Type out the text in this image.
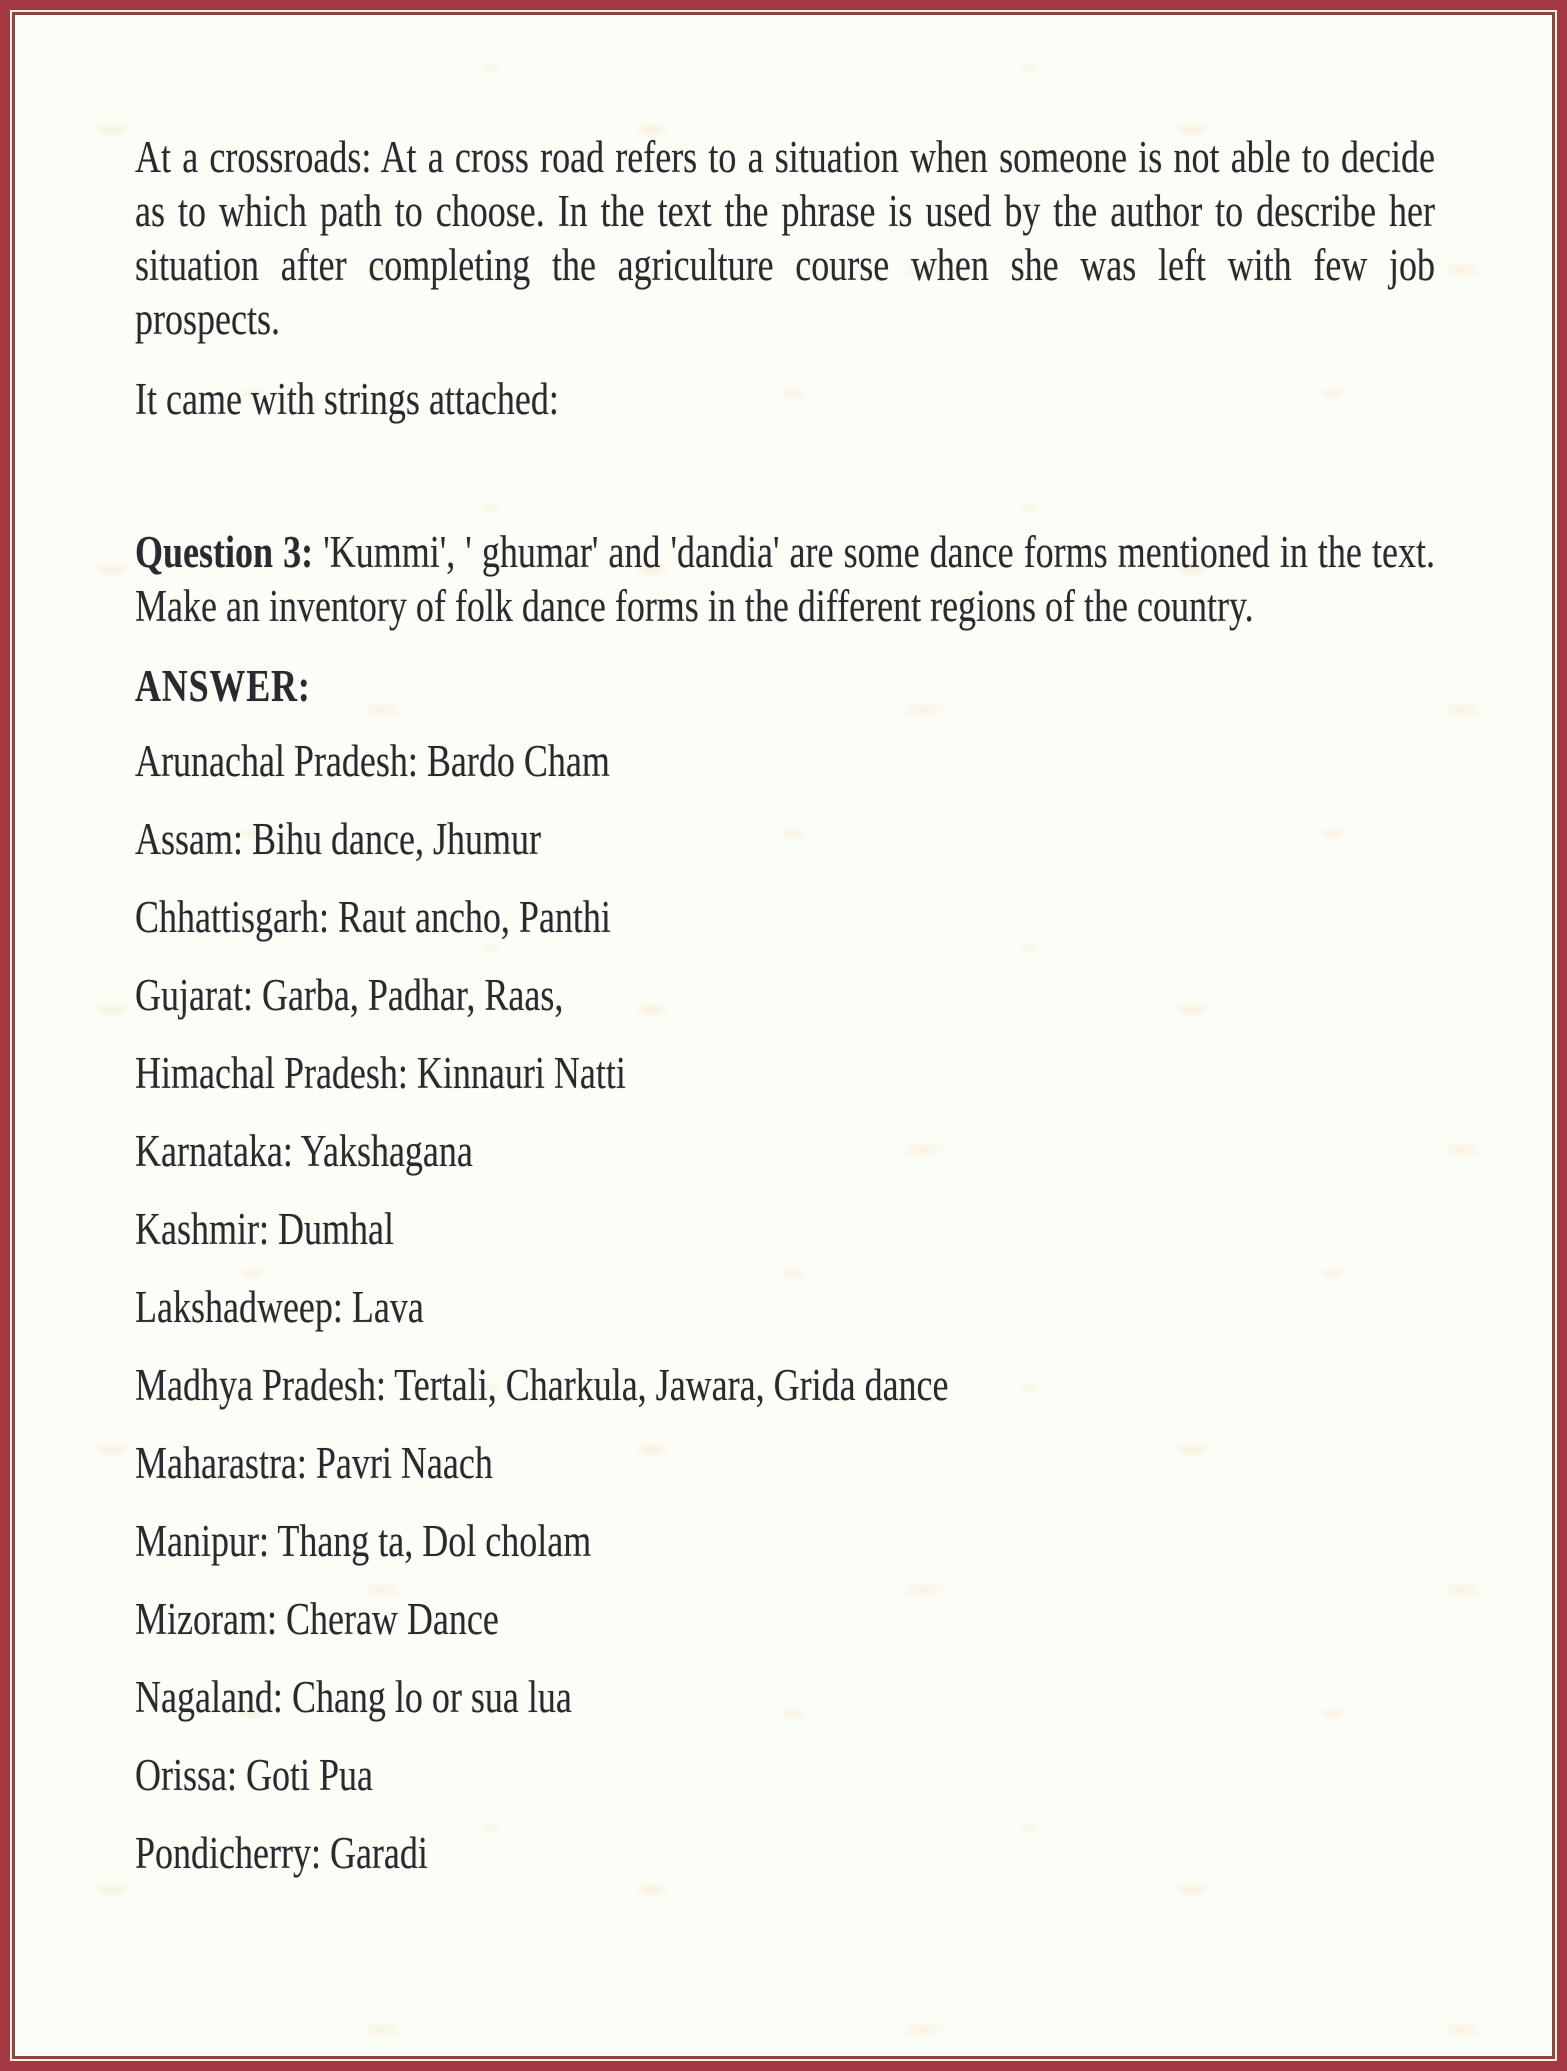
At a crossroads: At a cross road refers to a situation when someone is not able to decide as to which path to choose. In the text the phrase is used by the author to describe her situation after completing the agriculture course when she was left with few job prospects.

It came with strings attached:

Question 3: 'Kummi', ' ghumar' and 'dandia' are some dance forms mentioned in the text. Make an inventory of folk dance forms in the different regions of the country.

ANSWER:

Arunachal Pradesh: Bardo Cham

Assam: Bihu dance, Jhumur

Chhattisgarh: Raut ancho, Panthi

Gujarat: Garba, Padhar, Raas,

Himachal Pradesh: Kinnauri Natti

Karnataka: Yakshagana

Kashmir: Dumhal

Lakshadweep: Lava

Madhya Pradesh: Tertali, Charkula, Jawara, Grida dance

Maharastra: Pavri Naach

Manipur: Thang ta, Dol cholam

Mizoram: Cheraw Dance

Nagaland: Chang lo or sua lua

Orissa: Goti Pua

Pondicherry: Garadi
